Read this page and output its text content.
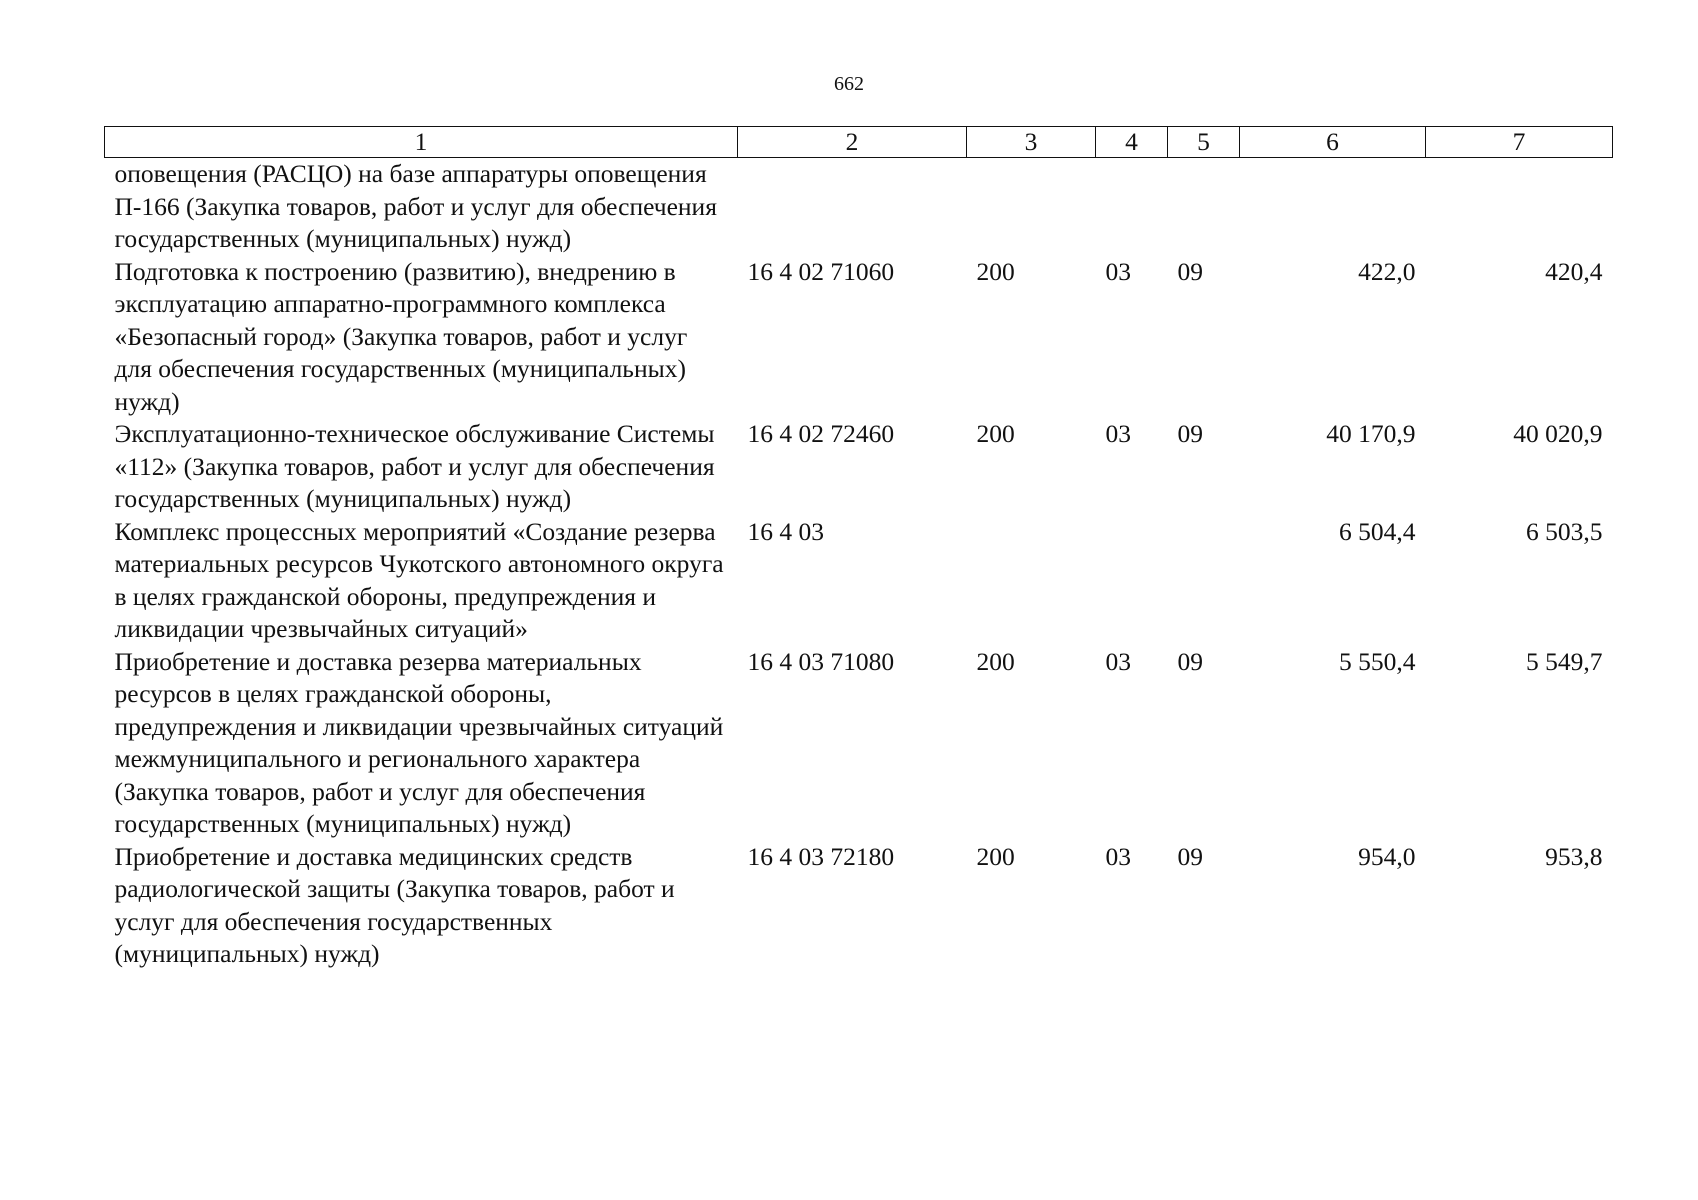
662
1	2	3	4	5	6	7
оповещения (РАСЦО) на базе аппаратуры оповещения П-166 (Закупка товаров, работ и услуг для обеспечения государственных (муниципальных) нужд)						
Подготовка к построению (развитию), внедрению в эксплуатацию аппаратно-программного комплекса «Безопасный город» (Закупка товаров, работ и услуг для обеспечения государственных (муниципальных) нужд)	16 4 02 71060	200	03	09	422,0	420,4
Эксплуатационно-техническое обслуживание Системы «112» (Закупка товаров, работ и услуг для обеспечения государственных (муниципальных) нужд)	16 4 02 72460	200	03	09	40 170,9	40 020,9
Комплекс процессных мероприятий «Создание резерва материальных ресурсов Чукотского автономного округа в целях гражданской обороны, предупреждения и ликвидации чрезвычайных ситуаций»	16 4 03				6 504,4	6 503,5
Приобретение и доставка резерва материальных ресурсов в целях гражданской обороны, предупреждения и ликвидации чрезвычайных ситуаций межмуниципального и регионального характера (Закупка товаров, работ и услуг для обеспечения государственных (муниципальных) нужд)	16 4 03 71080	200	03	09	5 550,4	5 549,7
Приобретение и доставка медицинских средств радиологической защиты (Закупка товаров, работ и услуг для обеспечения государственных (муниципальных) нужд)	16 4 03 72180	200	03	09	954,0	953,8
